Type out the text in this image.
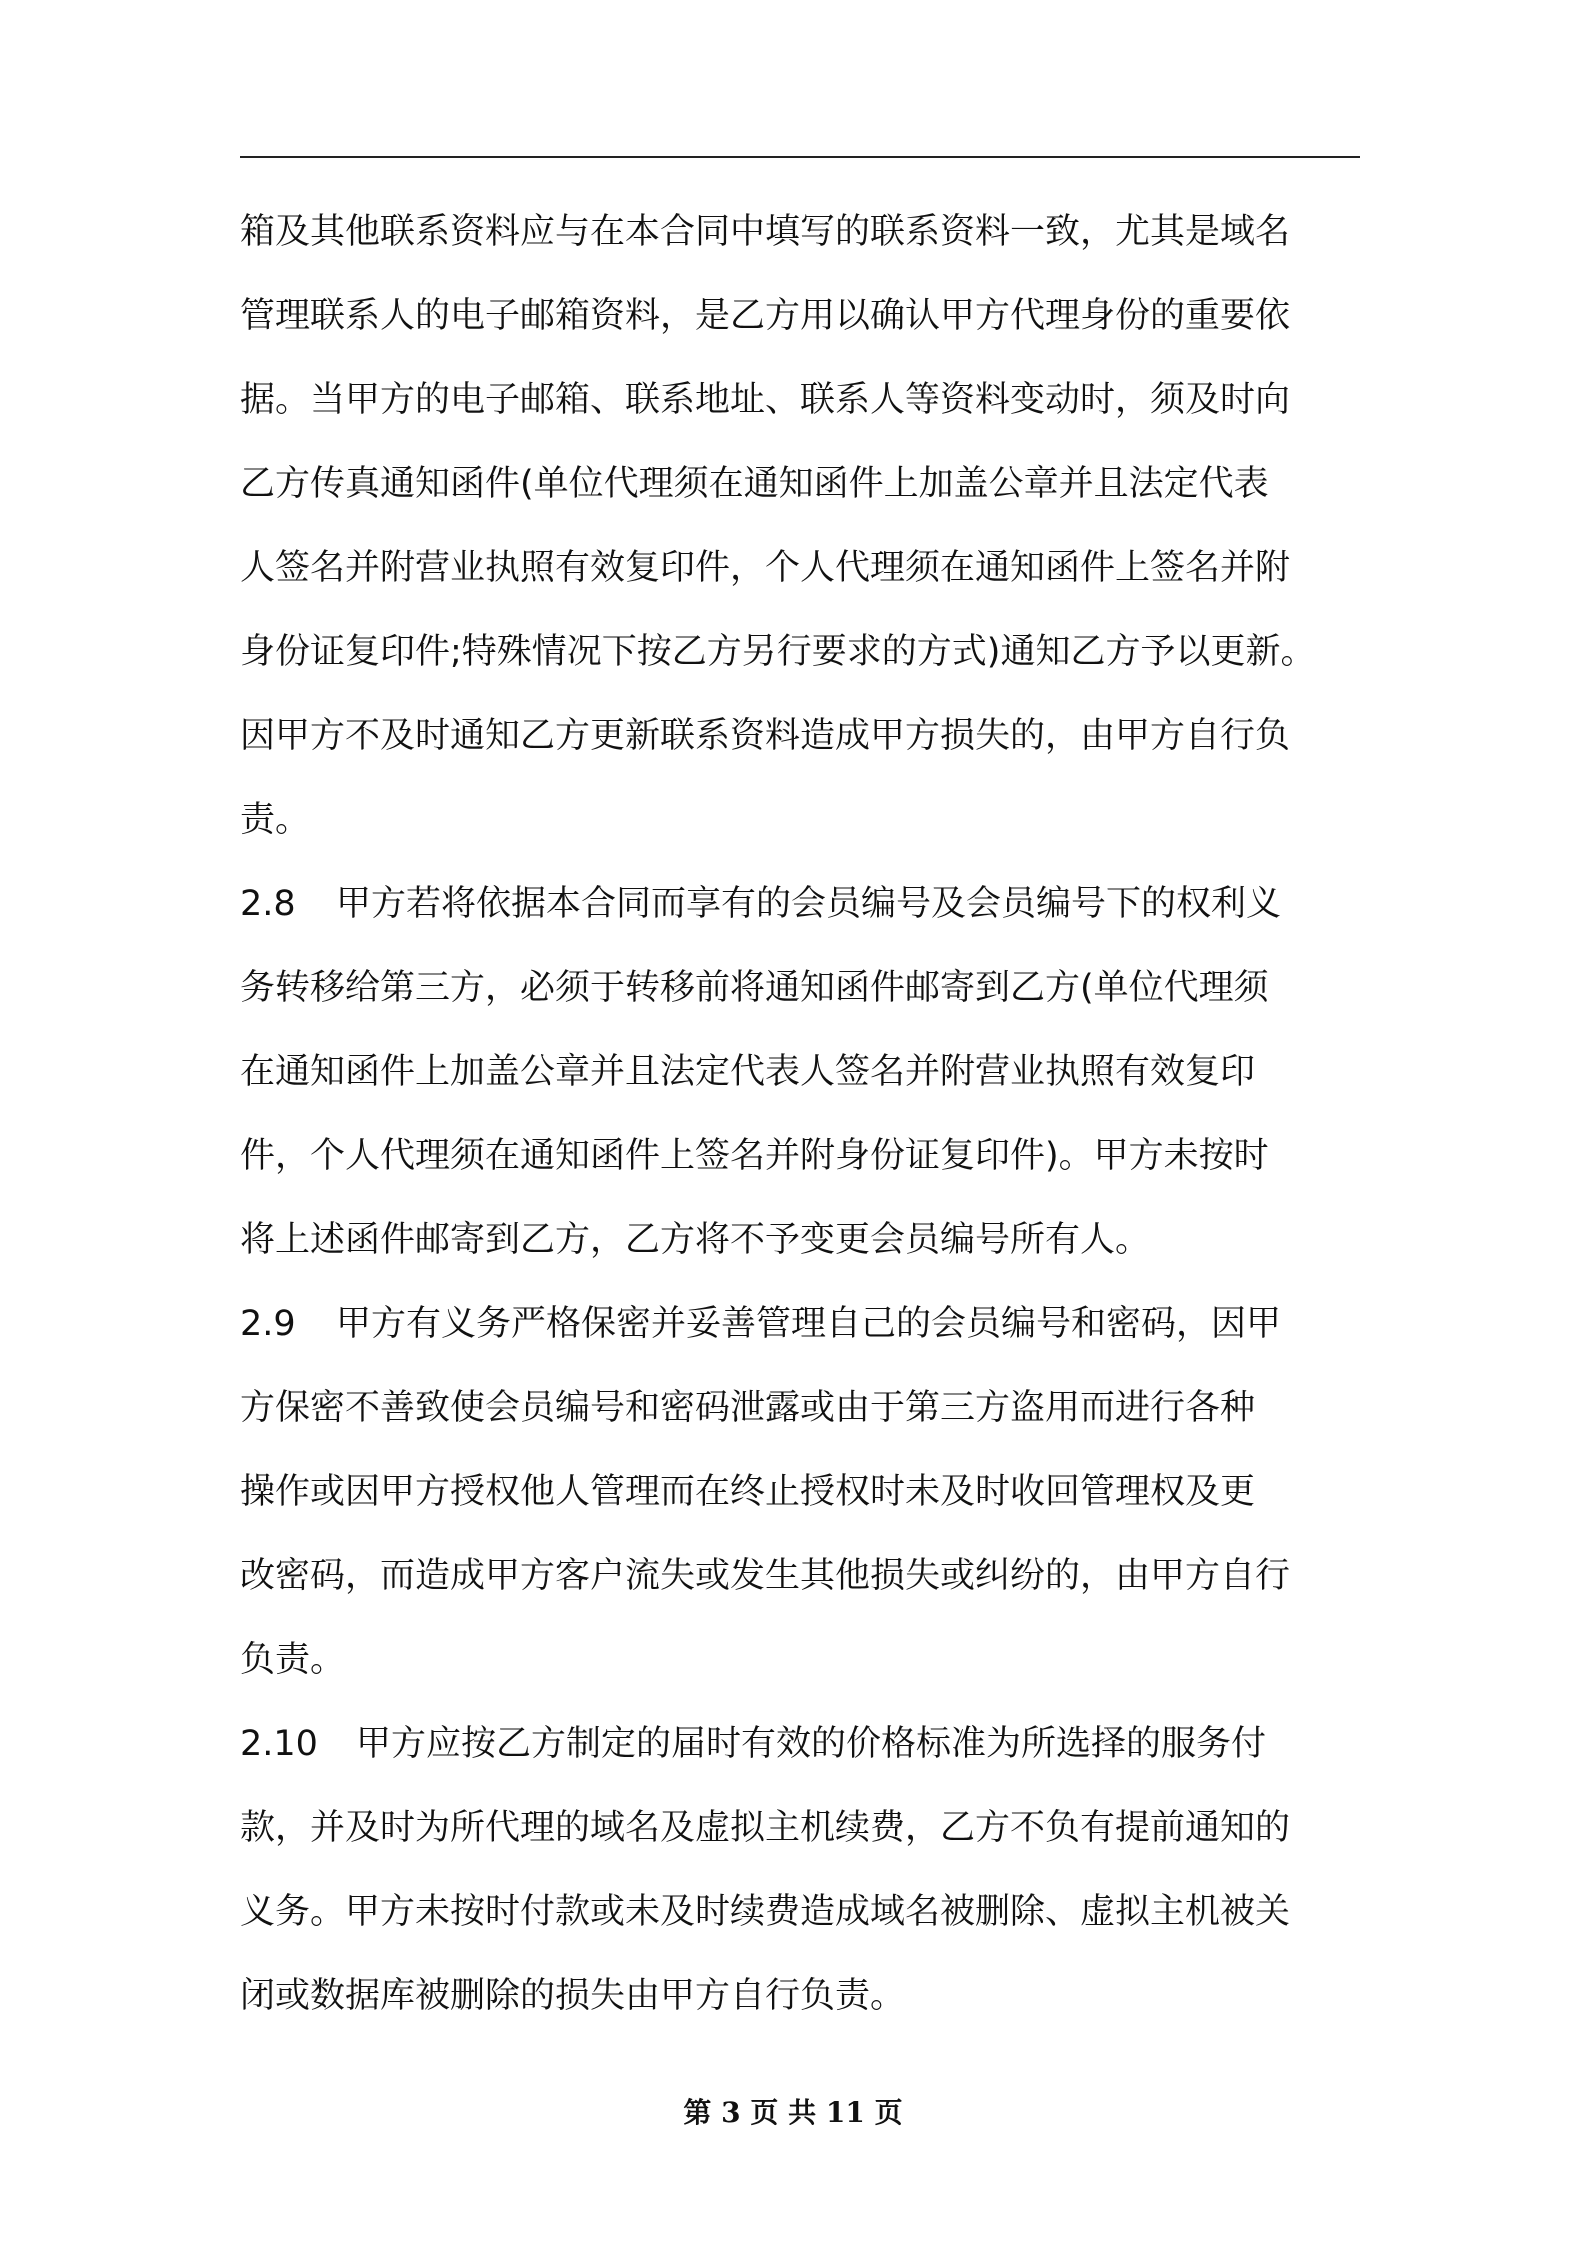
箱及其他联系资料应与在本合同中填写的联系资料一致，尤其是域名
管理联系人的电子邮箱资料，是乙方用以确认甲方代理身份的重要依
据。当甲方的电子邮箱、联系地址、联系人等资料变动时，须及时向
乙方传真通知函件(单位代理须在通知函件上加盖公章并且法定代表
人签名并附营业执照有效复印件，个人代理须在通知函件上签名并附
身份证复印件;特殊情况下按乙方另行要求的方式)通知乙方予以更新。
因甲方不及时通知乙方更新联系资料造成甲方损失的，由甲方自行负
责。
2.8 甲方若将依据本合同而享有的会员编号及会员编号下的权利义
务转移给第三方，必须于转移前将通知函件邮寄到乙方(单位代理须
在通知函件上加盖公章并且法定代表人签名并附营业执照有效复印
件，个人代理须在通知函件上签名并附身份证复印件)。甲方未按时
将上述函件邮寄到乙方，乙方将不予变更会员编号所有人。
2.9 甲方有义务严格保密并妥善管理自己的会员编号和密码，因甲
方保密不善致使会员编号和密码泄露或由于第三方盗用而进行各种
操作或因甲方授权他人管理而在终止授权时未及时收回管理权及更
改密码，而造成甲方客户流失或发生其他损失或纠纷的，由甲方自行
负责。
2.10 甲方应按乙方制定的届时有效的价格标准为所选择的服务付
款，并及时为所代理的域名及虚拟主机续费，乙方不负有提前通知的
义务。甲方未按时付款或未及时续费造成域名被删除、虚拟主机被关
闭或数据库被删除的损失由甲方自行负责。
第 3 页 共 11 页
